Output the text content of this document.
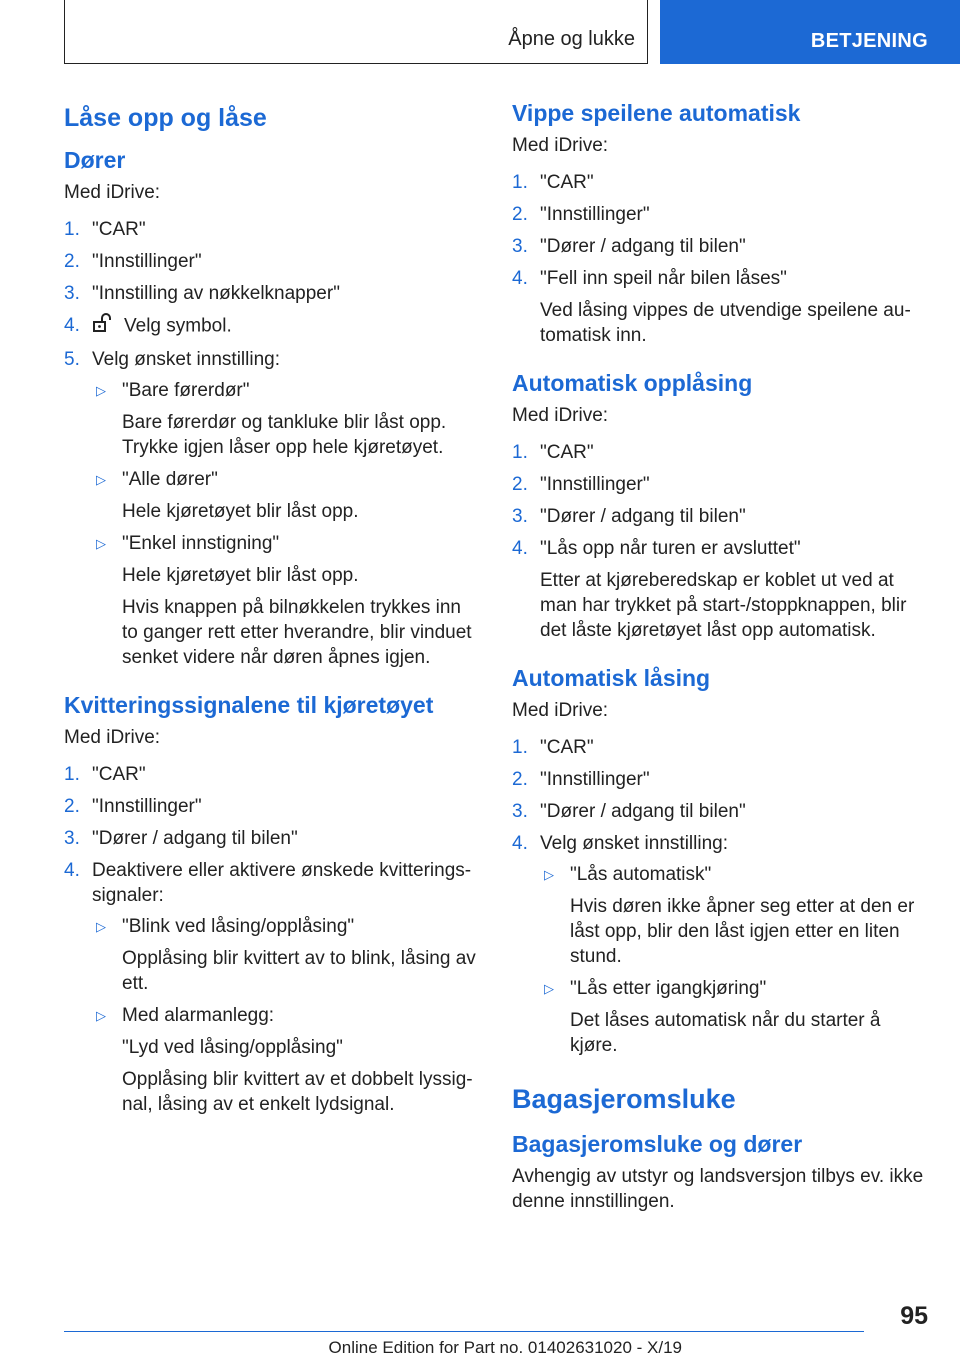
Åpne og lukke	BETJENING
Låse opp og låse
Dører
Med iDrive:
1. "CAR"
2. "Innstillinger"
3. "Innstilling av nøkkelknapper"
4. Velg symbol.
5. Velg ønsket innstilling:
▷ "Bare førerdør"
Bare førerdør og tankluke blir låst opp. Trykke igjen låser opp hele kjøretøyet.
▷ "Alle dører"
Hele kjøretøyet blir låst opp.
▷ "Enkel innstigning"
Hele kjøretøyet blir låst opp.
Hvis knappen på bilnøkkelen trykkes inn to ganger rett etter hverandre, blir vinduet senket videre når døren åpnes igjen.
Kvitteringssignalene til kjøretøyet
Med iDrive:
1. "CAR"
2. "Innstillinger"
3. "Dører / adgang til bilen"
4. Deaktivere eller aktivere ønskede kvitterings‐ signaler:
▷ "Blink ved låsing/opplåsing"
Opplåsing blir kvittert av to blink, låsing av ett.
▷ Med alarmanlegg:
"Lyd ved låsing/opplåsing"
Opplåsing blir kvittert av et dobbelt lyssig‐ nal, låsing av et enkelt lydsignal.
Vippe speilene automatisk
Med iDrive:
1. "CAR"
2. "Innstillinger"
3. "Dører / adgang til bilen"
4. "Fell inn speil når bilen låses"
Ved låsing vippes de utvendige speilene au‐ tomatisk inn.
Automatisk opplåsing
Med iDrive:
1. "CAR"
2. "Innstillinger"
3. "Dører / adgang til bilen"
4. "Lås opp når turen er avsluttet"
Etter at kjøreberedskap er koblet ut ved at man har trykket på start-/stoppknappen, blir det låste kjøretøyet låst opp automatisk.
Automatisk låsing
Med iDrive:
1. "CAR"
2. "Innstillinger"
3. "Dører / adgang til bilen"
4. Velg ønsket innstilling:
▷ "Lås automatisk"
Hvis døren ikke åpner seg etter at den er låst opp, blir den låst igjen etter en liten stund.
▷ "Lås etter igangkjøring"
Det låses automatisk når du starter å kjøre.
Bagasjeromsluke
Bagasjeromsluke og dører
Avhengig av utstyr og landsversjon tilbys ev. ikke denne innstillingen.
95
Online Edition for Part no. 01402631020 - X/19
